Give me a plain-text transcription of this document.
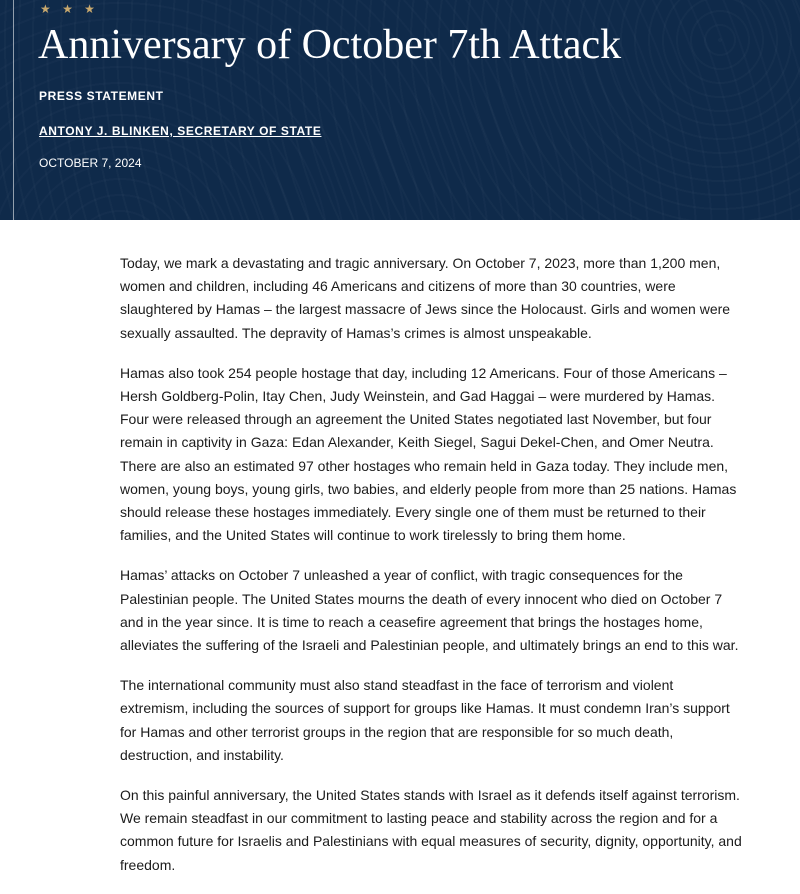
★ ★ ★
Anniversary of October 7th Attack
PRESS STATEMENT
ANTONY J. BLINKEN, SECRETARY OF STATE
OCTOBER 7, 2024

Today, we mark a devastating and tragic anniversary. On October 7, 2023, more than 1,200 men, women and children, including 46 Americans and citizens of more than 30 countries, were slaughtered by Hamas – the largest massacre of Jews since the Holocaust. Girls and women were sexually assaulted. The depravity of Hamas’s crimes is almost unspeakable.

Hamas also took 254 people hostage that day, including 12 Americans. Four of those Americans – Hersh Goldberg-Polin, Itay Chen, Judy Weinstein, and Gad Haggai – were murdered by Hamas. Four were released through an agreement the United States negotiated last November, but four remain in captivity in Gaza: Edan Alexander, Keith Siegel, Sagui Dekel-Chen, and Omer Neutra. There are also an estimated 97 other hostages who remain held in Gaza today. They include men, women, young boys, young girls, two babies, and elderly people from more than 25 nations. Hamas should release these hostages immediately. Every single one of them must be returned to their families, and the United States will continue to work tirelessly to bring them home.

Hamas’ attacks on October 7 unleashed a year of conflict, with tragic consequences for the Palestinian people. The United States mourns the death of every innocent who died on October 7 and in the year since. It is time to reach a ceasefire agreement that brings the hostages home, alleviates the suffering of the Israeli and Palestinian people, and ultimately brings an end to this war.

The international community must also stand steadfast in the face of terrorism and violent extremism, including the sources of support for groups like Hamas. It must condemn Iran’s support for Hamas and other terrorist groups in the region that are responsible for so much death, destruction, and instability.

On this painful anniversary, the United States stands with Israel as it defends itself against terrorism. We remain steadfast in our commitment to lasting peace and stability across the region and for a common future for Israelis and Palestinians with equal measures of security, dignity, opportunity, and freedom.
